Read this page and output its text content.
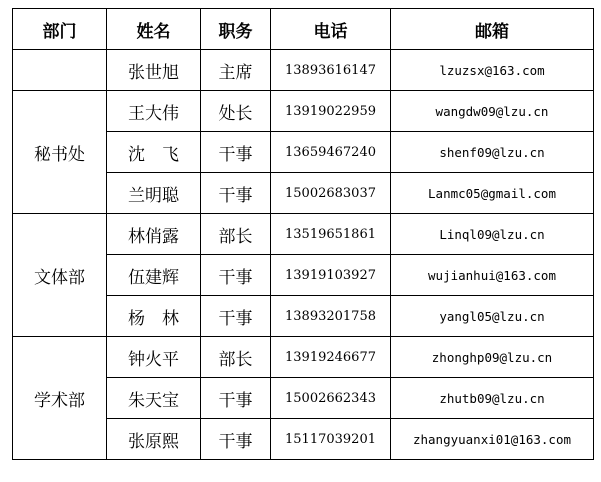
部门	姓名	职务	电话	邮箱
	张世旭	主席	13893616147	lzuzsx@163.com
秘书处	王大伟	处长	13919022959	wangdw09@lzu.cn
	沈　飞	干事	13659467240	shenf09@lzu.cn
	兰明聪	干事	15002683037	Lanmc05@gmail.com
文体部	林俏露	部长	13519651861	Linql09@lzu.cn
	伍建辉	干事	13919103927	wujianhui@163.com
	杨　林	干事	13893201758	yangl05@lzu.cn
学术部	钟火平	部长	13919246677	zhonghp09@lzu.cn
	朱天宝	干事	15002662343	zhutb09@lzu.cn
	张原熙	干事	15117039201	zhangyuanxi01@163.com
